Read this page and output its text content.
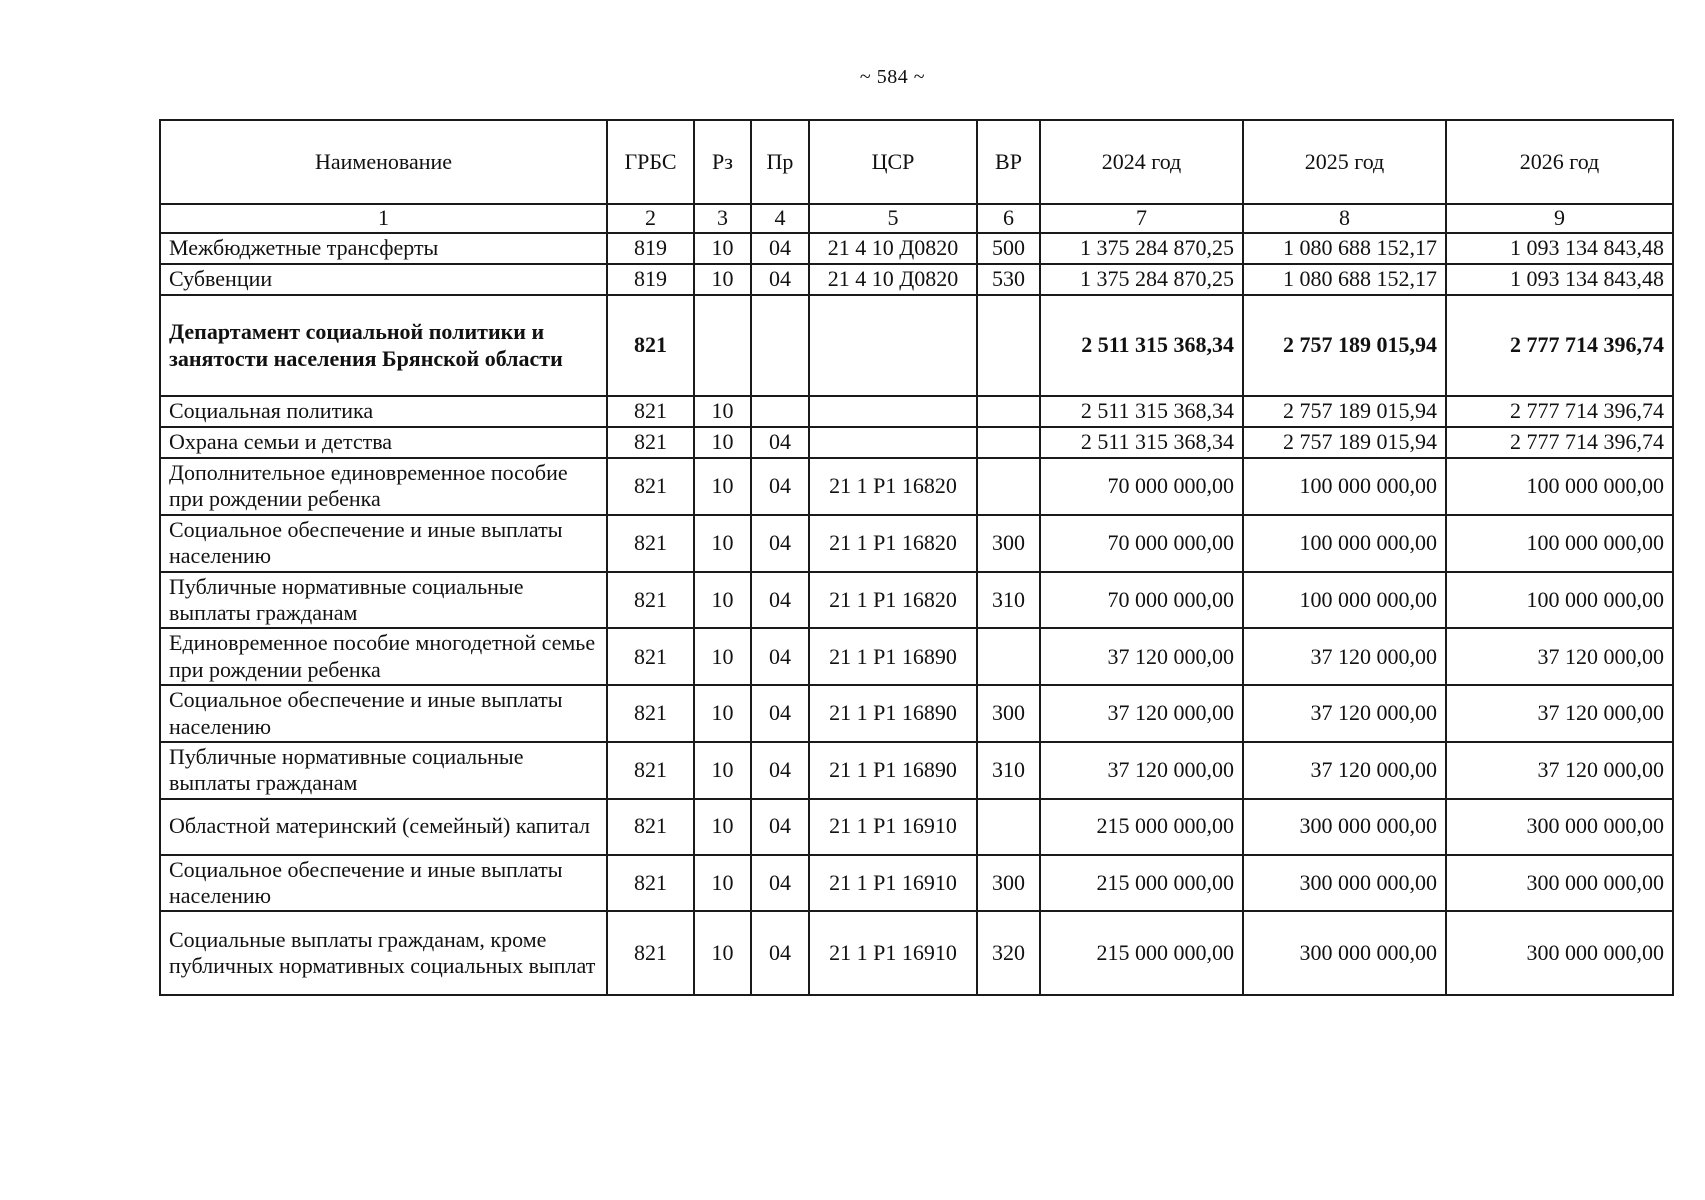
~ 584 ~
Наименование	ГРБС	Рз	Пр	ЦСР	ВР	2024 год	2025 год	2026 год
1	2	3	4	5	6	7	8	9
Межбюджетные трансферты	819	10	04	21 4 10 Д0820	500	1 375 284 870,25	1 080 688 152,17	1 093 134 843,48
Субвенции	819	10	04	21 4 10 Д0820	530	1 375 284 870,25	1 080 688 152,17	1 093 134 843,48
Департамент социальной политики и занятости населения Брянской области	821					2 511 315 368,34	2 757 189 015,94	2 777 714 396,74
Социальная политика	821	10				2 511 315 368,34	2 757 189 015,94	2 777 714 396,74
Охрана семьи и детства	821	10	04			2 511 315 368,34	2 757 189 015,94	2 777 714 396,74
Дополнительное единовременное пособие при рождении ребенка	821	10	04	21 1 P1 16820		70 000 000,00	100 000 000,00	100 000 000,00
Социальное обеспечение и иные выплаты населению	821	10	04	21 1 P1 16820	300	70 000 000,00	100 000 000,00	100 000 000,00
Публичные нормативные социальные выплаты гражданам	821	10	04	21 1 P1 16820	310	70 000 000,00	100 000 000,00	100 000 000,00
Единовременное пособие многодетной семье при рождении ребенка	821	10	04	21 1 P1 16890		37 120 000,00	37 120 000,00	37 120 000,00
Социальное обеспечение и иные выплаты населению	821	10	04	21 1 P1 16890	300	37 120 000,00	37 120 000,00	37 120 000,00
Публичные нормативные социальные выплаты гражданам	821	10	04	21 1 P1 16890	310	37 120 000,00	37 120 000,00	37 120 000,00
Областной материнский (семейный) капитал	821	10	04	21 1 P1 16910		215 000 000,00	300 000 000,00	300 000 000,00
Социальное обеспечение и иные выплаты населению	821	10	04	21 1 P1 16910	300	215 000 000,00	300 000 000,00	300 000 000,00
Социальные выплаты гражданам, кроме публичных нормативных социальных выплат	821	10	04	21 1 P1 16910	320	215 000 000,00	300 000 000,00	300 000 000,00
